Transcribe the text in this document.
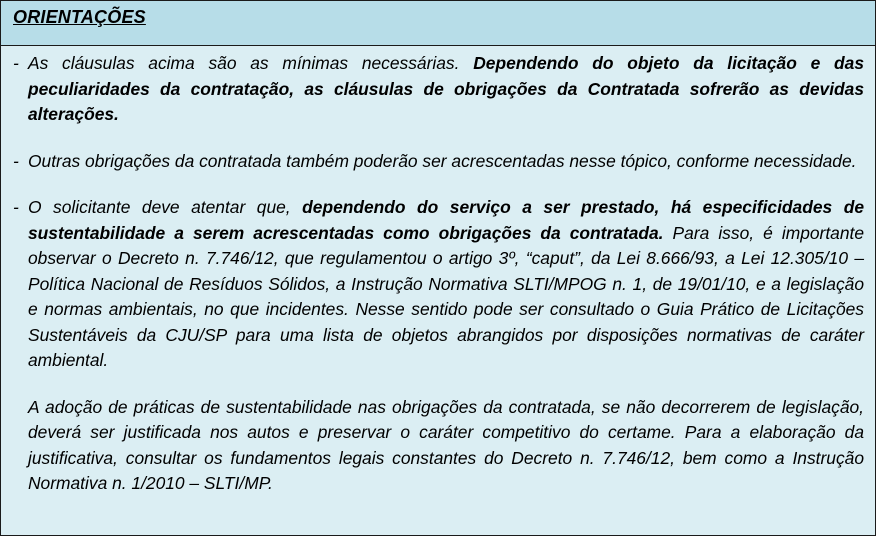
ORIENTAÇÕES

- As cláusulas acima são as mínimas necessárias. Dependendo do objeto da licitação e das peculiaridades da contratação, as cláusulas de obrigações da Contratada sofrerão as devidas alterações.

- Outras obrigações da contratada também poderão ser acrescentadas nesse tópico, conforme necessidade.

- O solicitante deve atentar que, dependendo do serviço a ser prestado, há especificidades de sustentabilidade a serem acrescentadas como obrigações da contratada. Para isso, é importante observar o Decreto n. 7.746/12, que regulamentou o artigo 3º, “caput”, da Lei 8.666/93, a Lei 12.305/10 – Política Nacional de Resíduos Sólidos, a Instrução Normativa SLTI/MPOG n. 1, de 19/01/10, e a legislação e normas ambientais, no que incidentes. Nesse sentido pode ser consultado o Guia Prático de Licitações Sustentáveis da CJU/SP para uma lista de objetos abrangidos por disposições normativas de caráter ambiental.

A adoção de práticas de sustentabilidade nas obrigações da contratada, se não decorrerem de legislação, deverá ser justificada nos autos e preservar o caráter competitivo do certame. Para a elaboração da justificativa, consultar os fundamentos legais constantes do Decreto n. 7.746/12, bem como a Instrução Normativa n. 1/2010 – SLTI/MP.
